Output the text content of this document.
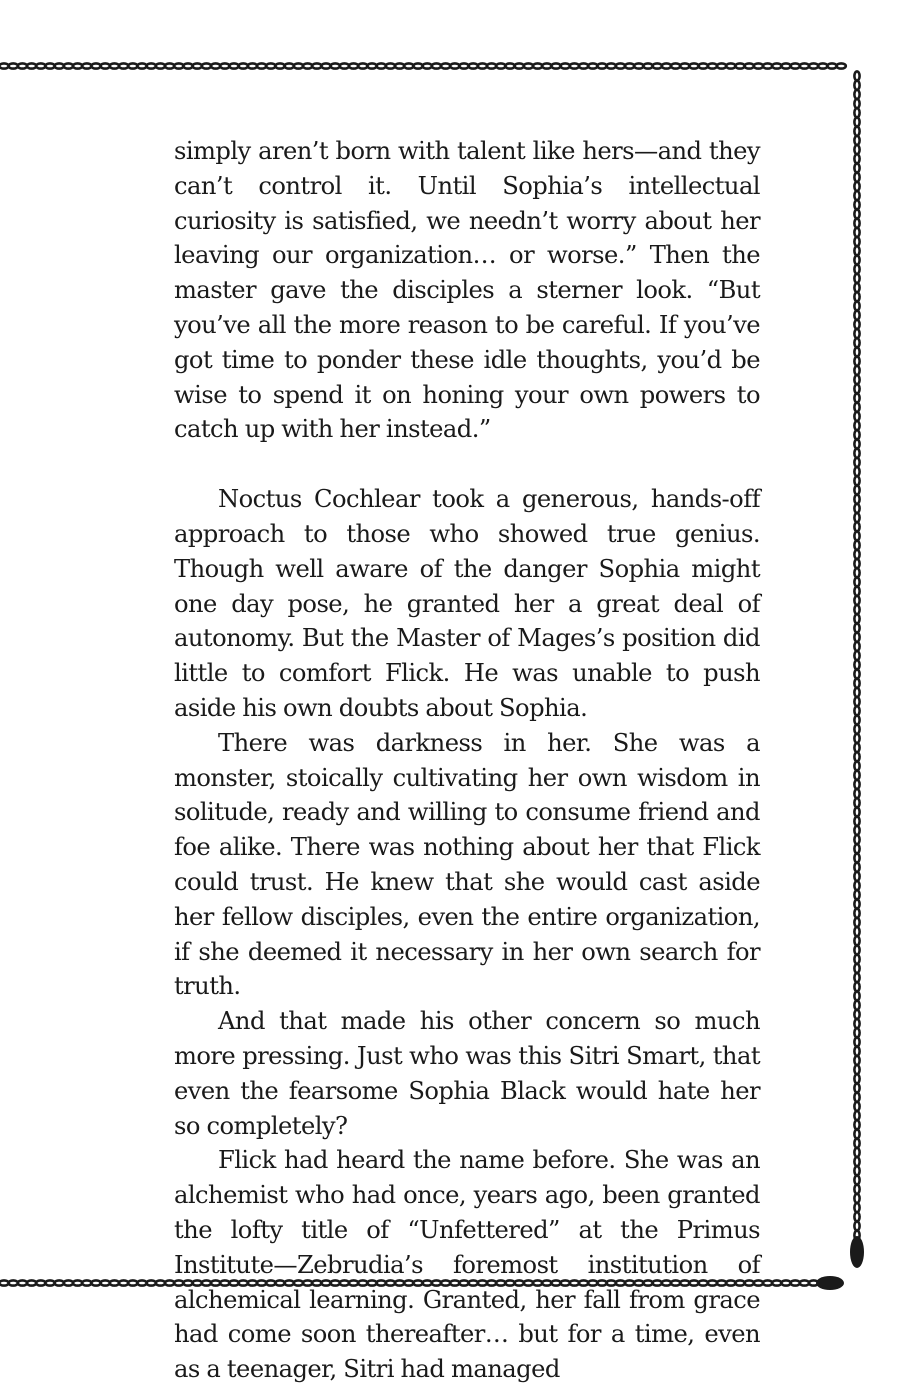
simply aren’t born with talent like hers—and they can’t control it. Until Sophia’s intellectual curiosity is satisfied, we needn’t worry about her leaving our organization… or worse.” Then the master gave the disciples a sterner look. “But you’ve all the more reason to be careful. If you’ve got time to ponder these idle thoughts, you’d be wise to spend it on honing your own powers to catch up with her instead.”

Noctus Cochlear took a generous, hands-off approach to those who showed true genius. Though well aware of the danger Sophia might one day pose, he granted her a great deal of autonomy. But the Master of Mages’s position did little to comfort Flick. He was unable to push aside his own doubts about Sophia.

There was darkness in her. She was a monster, stoically cultivating her own wisdom in solitude, ready and willing to consume friend and foe alike. There was nothing about her that Flick could trust. He knew that she would cast aside her fellow disciples, even the entire organization, if she deemed it necessary in her own search for truth.

And that made his other concern so much more pressing. Just who was this Sitri Smart, that even the fearsome Sophia Black would hate her so completely?

Flick had heard the name before. She was an alchemist who had once, years ago, been granted the lofty title of “Unfettered” at the Primus Institute—Zebrudia’s foremost institution of alchemical learning. Granted, her fall from grace had come soon thereafter… but for a time, even as a teenager, Sitri had managed
